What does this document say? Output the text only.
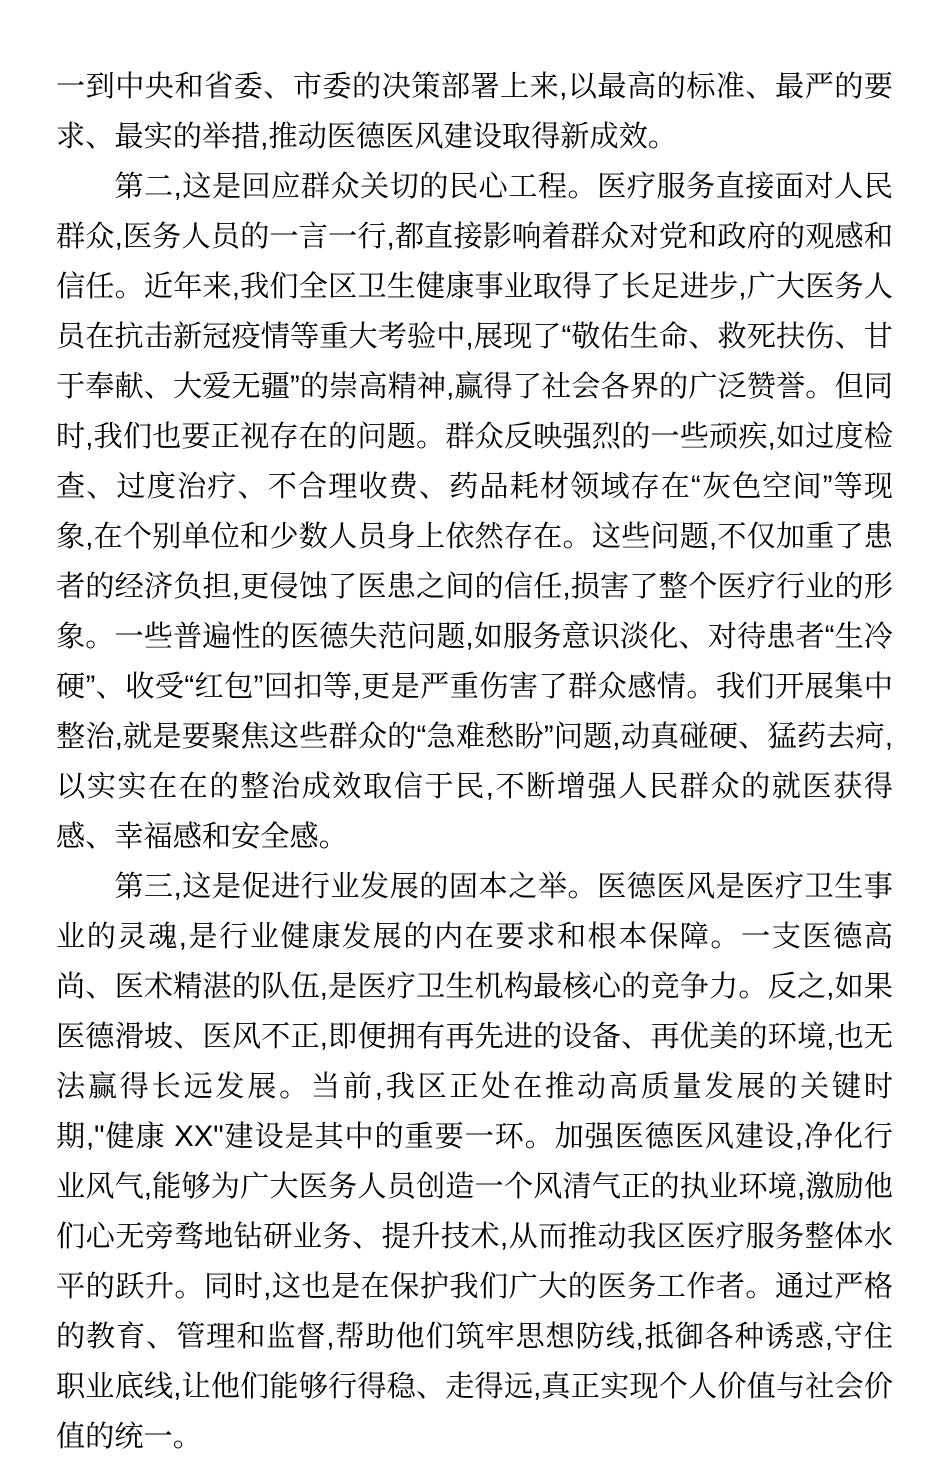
一到中央和省委、市委的决策部署上来,以最高的标准、最严的要求、最实的举措,推动医德医风建设取得新成效。

第二,这是回应群众关切的民心工程。医疗服务直接面对人民群众,医务人员的一言一行,都直接影响着群众对党和政府的观感和信任。近年来,我们全区卫生健康事业取得了长足进步,广大医务人员在抗击新冠疫情等重大考验中,展现了“敬佑生命、救死扶伤、甘于奉献、大爱无疆”的崇高精神,赢得了社会各界的广泛赞誉。但同时,我们也要正视存在的问题。群众反映强烈的一些顽疾,如过度检查、过度治疗、不合理收费、药品耗材领域存在“灰色空间”等现象,在个别单位和少数人员身上依然存在。这些问题,不仅加重了患者的经济负担,更侵蚀了医患之间的信任,损害了整个医疗行业的形象。一些普遍性的医德失范问题,如服务意识淡化、对待患者“生冷硬”、收受“红包”回扣等,更是严重伤害了群众感情。我们开展集中整治,就是要聚焦这些群众的“急难愁盼”问题,动真碰硬、猛药去疴,以实实在在的整治成效取信于民,不断增强人民群众的就医获得感、幸福感和安全感。

第三,这是促进行业发展的固本之举。医德医风是医疗卫生事业的灵魂,是行业健康发展的内在要求和根本保障。一支医德高尚、医术精湛的队伍,是医疗卫生机构最核心的竞争力。反之,如果医德滑坡、医风不正,即便拥有再先进的设备、再优美的环境,也无法赢得长远发展。当前,我区正处在推动高质量发展的关键时期,"健康 XX"建设是其中的重要一环。加强医德医风建设,净化行业风气,能够为广大医务人员创造一个风清气正的执业环境,激励他们心无旁骛地钻研业务、提升技术,从而推动我区医疗服务整体水平的跃升。同时,这也是在保护我们广大的医务工作者。通过严格的教育、管理和监督,帮助他们筑牢思想防线,抵御各种诱惑,守住职业底线,让他们能够行得稳、走得远,真正实现个人价值与社会价值的统一。
